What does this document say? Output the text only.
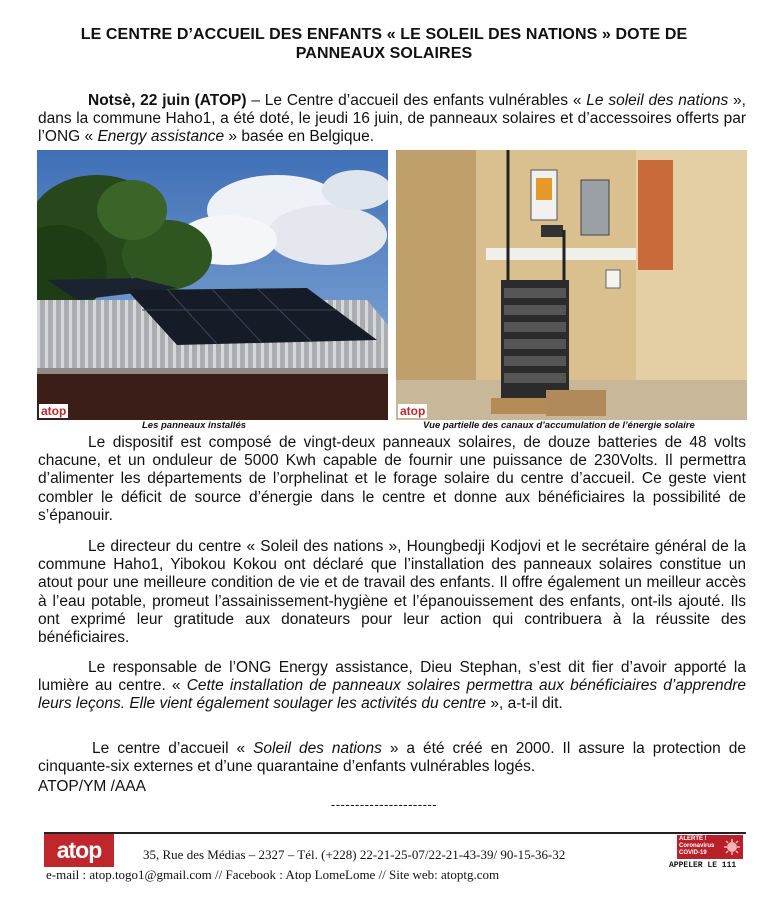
LE CENTRE D’ACCUEIL DES ENFANTS « LE SOLEIL DES NATIONS » DOTE DE
PANNEAUX SOLAIRES
Notsè, 22 juin (ATOP) – Le Centre d’accueil des enfants vulnérables « Le soleil des nations », dans la commune Haho1, a été doté, le jeudi 16 juin, de panneaux solaires et d’accessoires offerts par l’ONG « Energy assistance » basée en Belgique.
atop	atop
Les panneaux installés	Vue partielle des canaux d’accumulation de l’énergie solaire
Le dispositif est composé de vingt-deux panneaux solaires, de douze batteries de 48 volts chacune, et un onduleur de 5000 Kwh capable de fournir une puissance de 230Volts. Il permettra d’alimenter les départements de l’orphelinat et le forage solaire du centre d’accueil. Ce geste vient combler le déficit de source d’énergie dans le centre et donne aux bénéficiaires la possibilité de s’épanouir.
Le directeur du centre « Soleil des nations », Houngbedji Kodjovi et le secrétaire général de la commune Haho1, Yibokou Kokou ont déclaré que l’installation des panneaux solaires constitue un atout pour une meilleure condition de vie et de travail des enfants. Il offre également un meilleur accès à l’eau potable, promeut l’assainissement-hygiène et l’épanouissement des enfants, ont-ils ajouté. Ils ont exprimé leur gratitude aux donateurs pour leur action qui contribuera à la réussite des bénéficiaires.
Le responsable de l’ONG Energy assistance, Dieu Stephan, s’est dit fier d’avoir apporté la lumière au centre. « Cette installation de panneaux solaires permettra aux bénéficiaires d’apprendre leurs leçons. Elle vient également soulager les activités du centre », a-t-il dit.
Le centre d’accueil « Soleil des nations » a été créé en 2000. Il assure la protection de cinquante-six externes et d’une quarantaine d’enfants vulnérables logés.
ATOP/YM /AAA
----------------------
atop	35, Rue des Médias – 2327 – Tél. (+228) 22-21-25-07/22-21-43-39/ 90-15-36-32
ALERTE !
Coronavirus
COVID-19
APPELER LE 111
e-mail : atop.togo1@gmail.com // Facebook : Atop LomeLome // Site web: atoptg.com
